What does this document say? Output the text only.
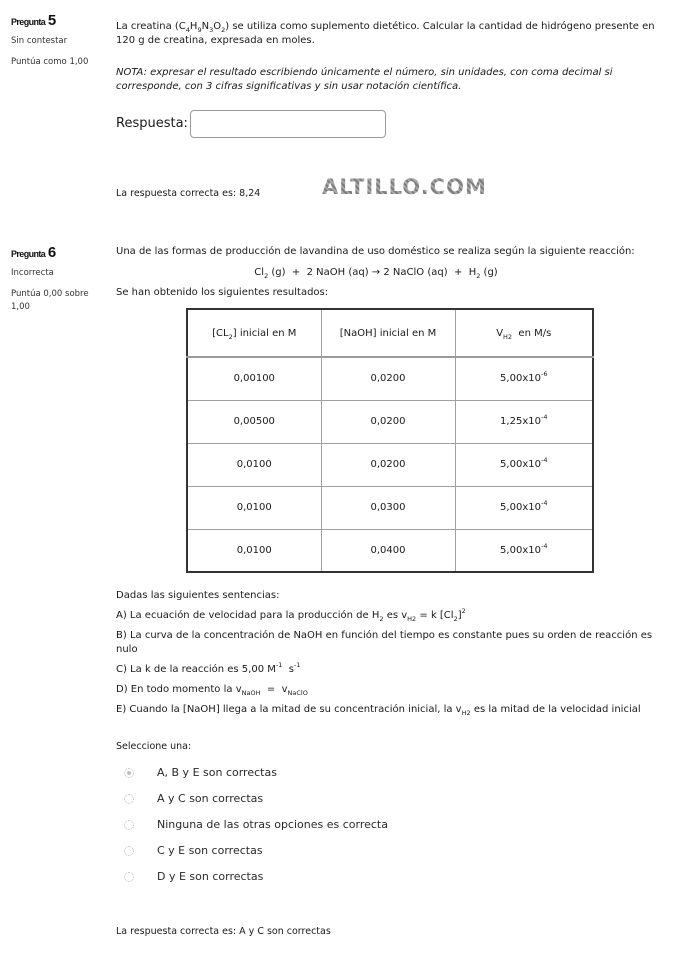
Pregunta 5
Sin contestar
Puntúa como 1,00

La creatina $(C_4H_9N_3O_2)$ se utiliza como suplemento dietético. Calcular la cantidad de hidrógeno presente en 120 g de creatina, expresada en moles.

NOTA: expresar el resultado escribiendo únicamente el número, sin unidades, con coma decimal si corresponde, con 3 cifras significativas y sin usar notación científica.

Respuesta:
La respuesta correcta es: 8,24	ALTILLO.COM
Pregunta 6
Incorrecta
Puntúa 0,00 sobre 1,00

Una de las formas de producción de lavandina de uso doméstico se realiza según la siguiente reacción:

$Cl_2$ (g)  +  2 NaOH (aq) → 2 NaClO $(aq) + H_2$ (g)

Se han obtenido los siguientes resultados:

$[CL_2]$ inicial en M	[NaOH] inicial en M	$V_{H2}$  en M/s
0,00100	0,0200	$5,00x10^{-6}$
0,00500	0,0200	$1,25x10^{-4}$
0,0100	0,0200	$5,00x10^{-4}$
0,0100	0,0300	$5,00x10^{-4}$
0,0100	0,0400	$5,00x10^{-4}$

Dadas las siguientes sentencias:

A) La ecuación de velocidad para la producción de $H_2$ es $v_{H2} = k$ $[Cl_2]^2$

B) La curva de la concentración de NaOH en función del tiempo es constante pues su orden de reacción es nulo

C) La k de la reacción es 5,00 $M^{-1}$  $s^{-1}$

D) En todo momento la $v_{NaOH} = v_{NaClO}$

E) Cuando la [NaOH] llega a la mitad de su concentración inicial, la $v_{H2}$ es la mitad de la velocidad inicial

Seleccione una:
A, B y E son correctas
A y C son correctas
Ninguna de las otras opciones es correcta
C y E son correctas
D y E son correctas
La respuesta correcta es: A y C son correctas
